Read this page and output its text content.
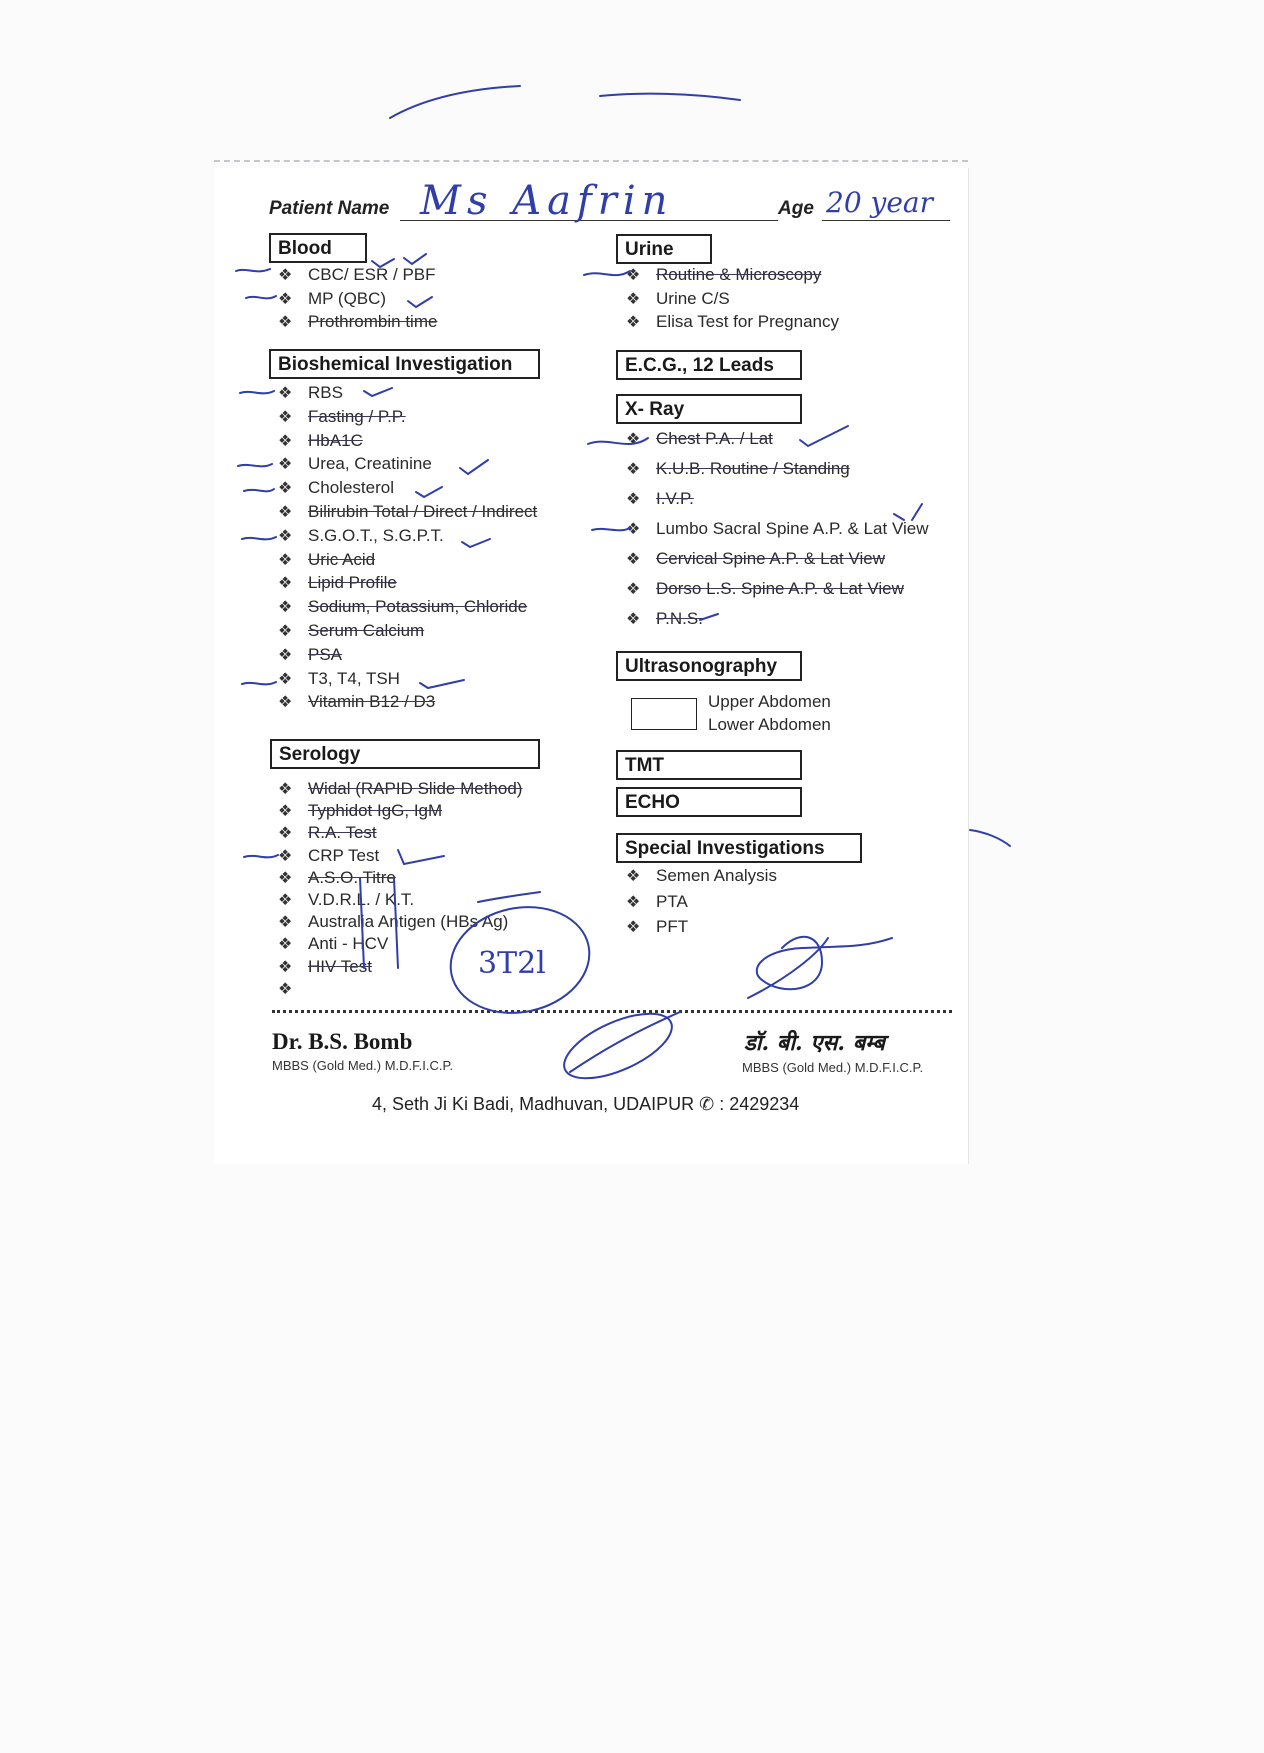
Patient Name Ms Aafrin	Age 20 year
Blood
Bioshemical Investigation
Serology
Urine
E.C.G., 12 Leads
X- Ray
Ultrasonography
TMT
ECHO
Special Investigations
Upper Abdomen
Lower Abdomen
❖ CBC/ ESR / PBF
❖ MP (QBC)
❖ Prothrombin time
❖ RBS
❖ Fasting / P.P.
❖ HbA1C
❖ Urea, Creatinine
❖ Cholesterol
❖ Bilirubin Total / Direct / Indirect
❖ S.G.O.T., S.G.P.T.
❖ Uric Acid
❖ Lipid Profile
❖ Sodium, Potassium, Chloride
❖ Serum Calcium
❖ PSA
❖ T3, T4, TSH
❖ Vitamin B12 / D3
❖ Widal (RAPID Slide Method)
❖ Typhidot IgG, IgM
❖ R.A. Test
❖ CRP Test
❖ A.S.O. Titre
❖ V.D.R.L. / K.T.
❖ Australia Antigen (HBs Ag)
❖ Anti - HCV
❖ HIV Test
❖
❖ Routine & Microscopy
❖ Urine C/S
❖ Elisa Test for Pregnancy
❖ Chest P.A. / Lat
❖ K.U.B. Routine / Standing
❖ I.V.P.
❖ Lumbo Sacral Spine A.P. & Lat View
❖ Cervical Spine A.P. & Lat View
❖ Dorso L.S. Spine A.P. & Lat View
❖ P.N.S.
❖ Semen Analysis
❖ PTA
❖ PFT
Dr. B.S. Bomb
MBBS (Gold Med.) M.D.F.I.C.P.
डॉ. बी. एस. बम्ब
MBBS (Gold Med.) M.D.F.I.C.P.
4, Seth Ji Ki Badi, Madhuvan, UDAIPUR ✆ : 2429234
3T2l
